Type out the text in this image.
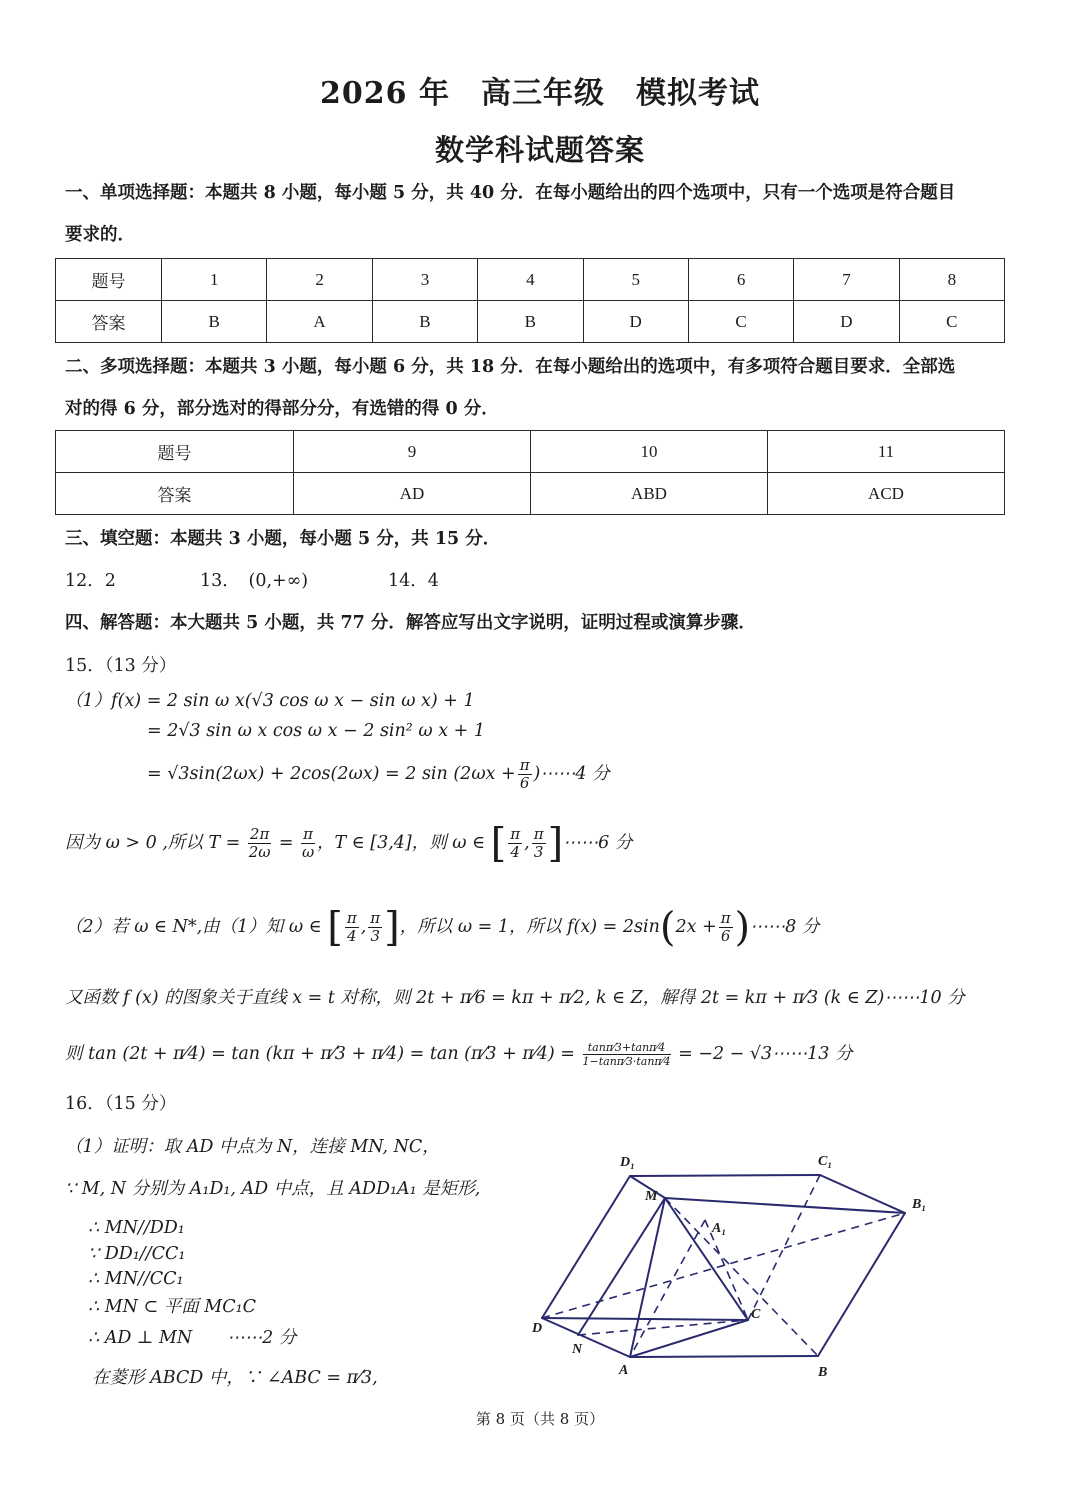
2026 年　高三年级　模拟考试
数学科试题答案
一、单项选择题：本题共 8 小题，每小题 5 分，共 40 分．在每小题给出的四个选项中，只有一个选项是符合题目
要求的．
题号	1	2	3	4	5	6	7	8
答案	B	A	B	B	D	C	D	C
二、多项选择题：本题共 3 小题，每小题 6 分，共 18 分．在每小题给出的选项中，有多项符合题目要求．全部选
对的得 6 分，部分选对的得部分分，有选错的得 0 分．
题号	9	10	11
答案	AD	ABD	ACD
三、填空题：本题共 3 小题，每小题 5 分，共 15 分．
12．2	13．　(0,+∞)	14．4
四、解答题：本大题共 5 小题，共 77 分．解答应写出文字说明，证明过程或演算步骤．
15．（13 分）
（1）f(x) = 2 sin ω x(√3 cos ω x − sin ω x) + 1
= 2√3 sin ω x cos ω x − 2 sin² ω x + 1
= √3sin(2ωx) + 2cos(2ωx) = 2 $\sin (2\omega x + \frac{\pi}{6}$ )⋯⋯4 分
因为 ω > 0 ,所以 $T = \frac{2\pi}{2\omega} = \frac{\pi}{\omega}$ ，T ∈ [3,4]，则 ω ∈ [ $\frac{\pi}{4}$ , $\frac{\pi}{3}$ ]⋯⋯6 分
（2）若 ω ∈ N*,由（1）知 ω ∈ [ $\frac{\pi}{4}$ , $\frac{\pi}{3}$ ]，所以 ω = 1，所以 $f(x) = 2\sin(2x + \frac{\pi}{6}$ )⋯⋯8 分
又函数 f (x) 的图象关于直线 x = t 对称，则 2t + π⁄6 = kπ + π⁄2, k ∈ Z，解得 2t = kπ + π⁄3 (k ∈ Z)⋯⋯10 分
则 tan (2t + π⁄4) = tan (kπ + π⁄3 + π⁄4) = tan (π⁄3 + π⁄4) = $\frac{\tan\pi⁄3+\tan\pi⁄4}{1-\tan\pi⁄3\cdot\tan\pi⁄4} = -2$ − √3⋯⋯13 分
16．（15 分）
（1）证明：取 AD 中点为 N，连接 MN, NC，
∵ M, N 分别为 A₁D₁, AD 中点，且 ADD₁A₁ 是矩形,
∴ MN//DD₁
∵ DD₁//CC₁
∴ MN//CC₁
∴ MN ⊂ 平面 MC₁C
∴ AD ⊥ MN　　⋯⋯2 分
在菱形 ABCD 中，∵ ∠ABC = π⁄3,
D₁	C₁
B₁
M
A₁
D
N
A	B
C
第 8 页（共 8 页）
